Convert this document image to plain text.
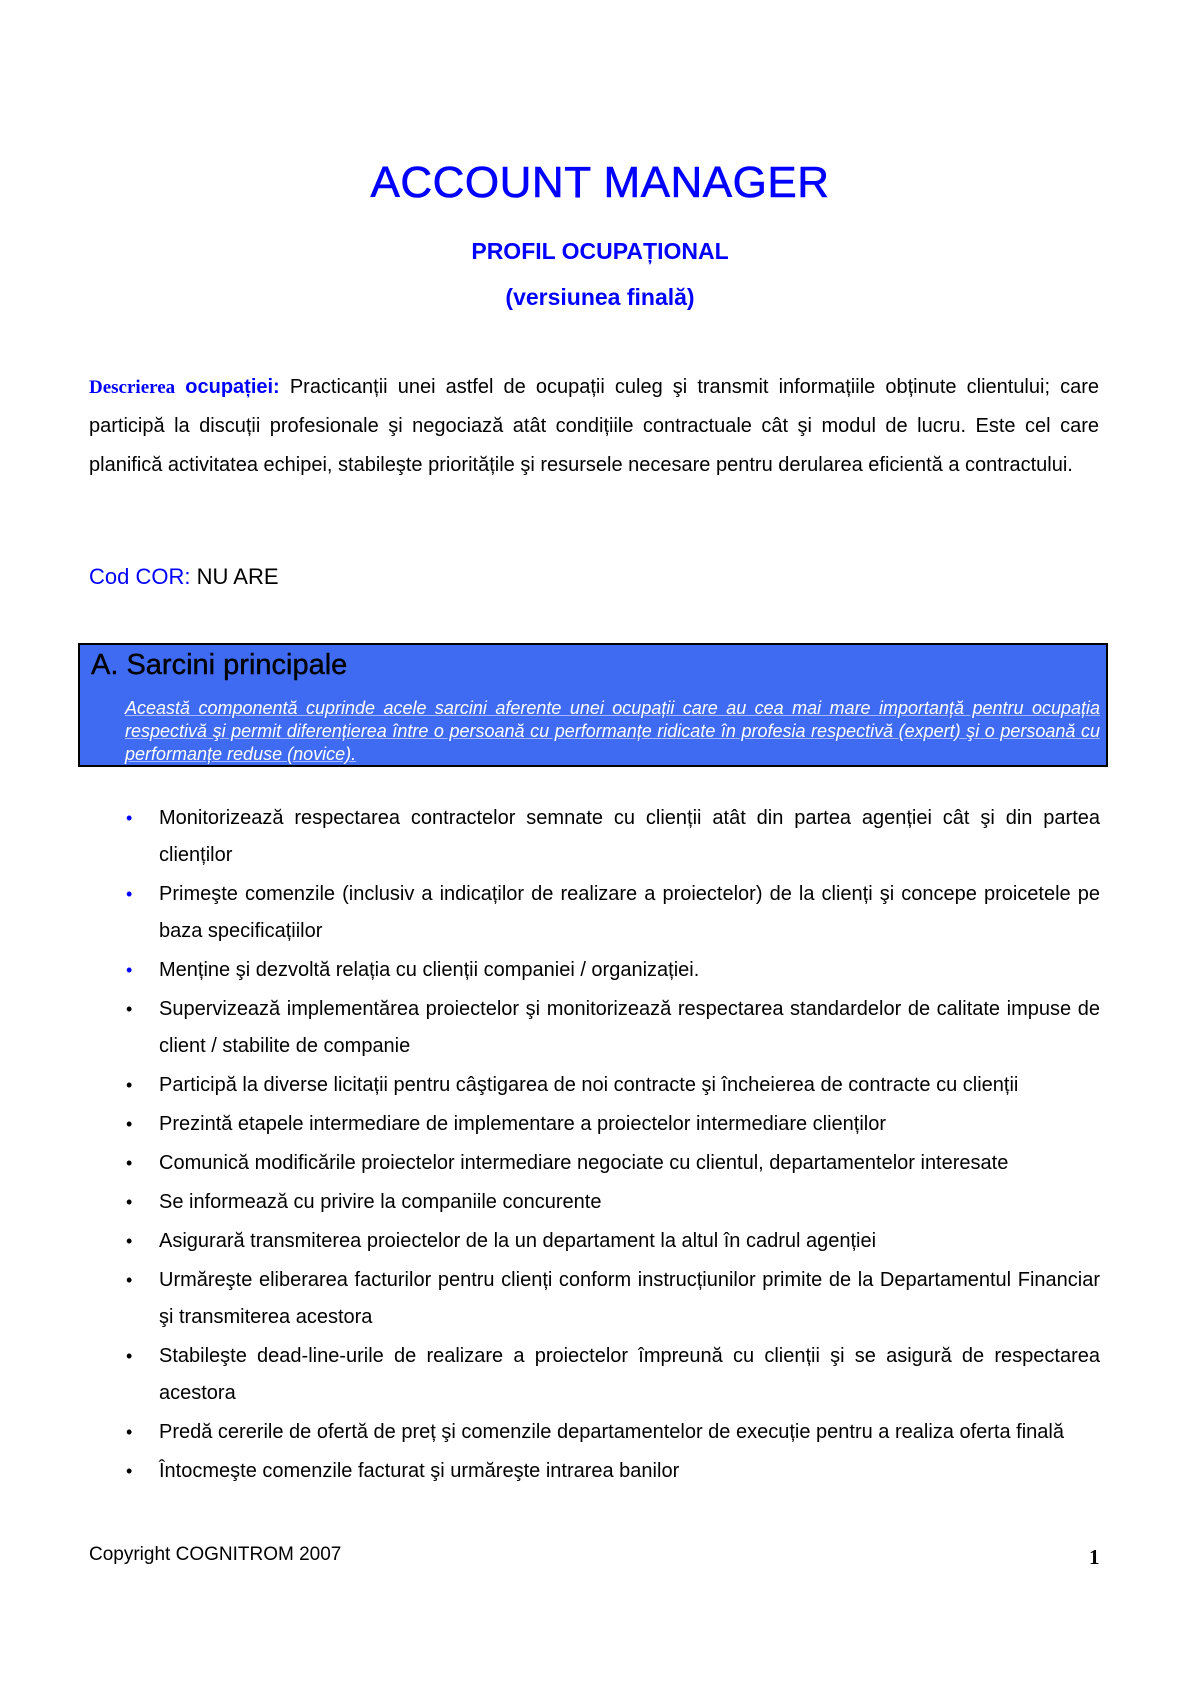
ACCOUNT MANAGER
PROFIL OCUPAȚIONAL
(versiunea finală)
Descrierea ocupației: Practicanții unei astfel de ocupații culeg şi transmit informațiile obținute clientului; care participă la discuții profesionale şi negociază atât condițiile contractuale cât şi modul de lucru. Este cel care planifică activitatea echipei, stabileşte prioritățile şi resursele necesare pentru derularea eficientă a contractului.
Cod COR: NU ARE
A. Sarcini principale
Această componentă cuprinde acele sarcini aferente unei ocupații care au cea mai mare importanță pentru ocupația respectivă şi permit diferențierea între o persoană cu performanțe ridicate în profesia respectivă (expert) şi o persoană cu performanțe reduse (novice).
• Monitorizează respectarea contractelor semnate cu clienții atât din partea agenției cât şi din partea clienților
• Primeşte comenzile (inclusiv a indicaților de realizare a proiectelor) de la clienți şi concepe proicetele pe baza specificațiilor
• Menține şi dezvoltă relația cu clienții companiei / organizației.
• Supervizează implementărea proiectelor şi monitorizează respectarea standardelor de calitate impuse de client / stabilite de companie
• Participă la diverse licitații pentru câştigarea de noi contracte şi încheierea de contracte cu clienții
• Prezintă etapele intermediare de implementare a proiectelor intermediare clienților
• Comunică modificările proiectelor intermediare negociate cu clientul, departamentelor interesate
• Se informează cu privire la companiile concurente
• Asigurară transmiterea proiectelor de la un departament la altul în cadrul agenției
• Urmăreşte eliberarea facturilor pentru clienți conform instrucțiunilor primite de la Departamentul Financiar şi transmiterea acestora
• Stabileşte dead-line-urile de realizare a proiectelor împreună cu clienții şi se asigură de respectarea acestora
• Predă cererile de ofertă de preț şi comenzile departamentelor de execuție pentru a realiza oferta finală
• Întocmeşte comenzile facturat şi urmăreşte intrarea banilor
Copyright COGNITROM 2007	1
